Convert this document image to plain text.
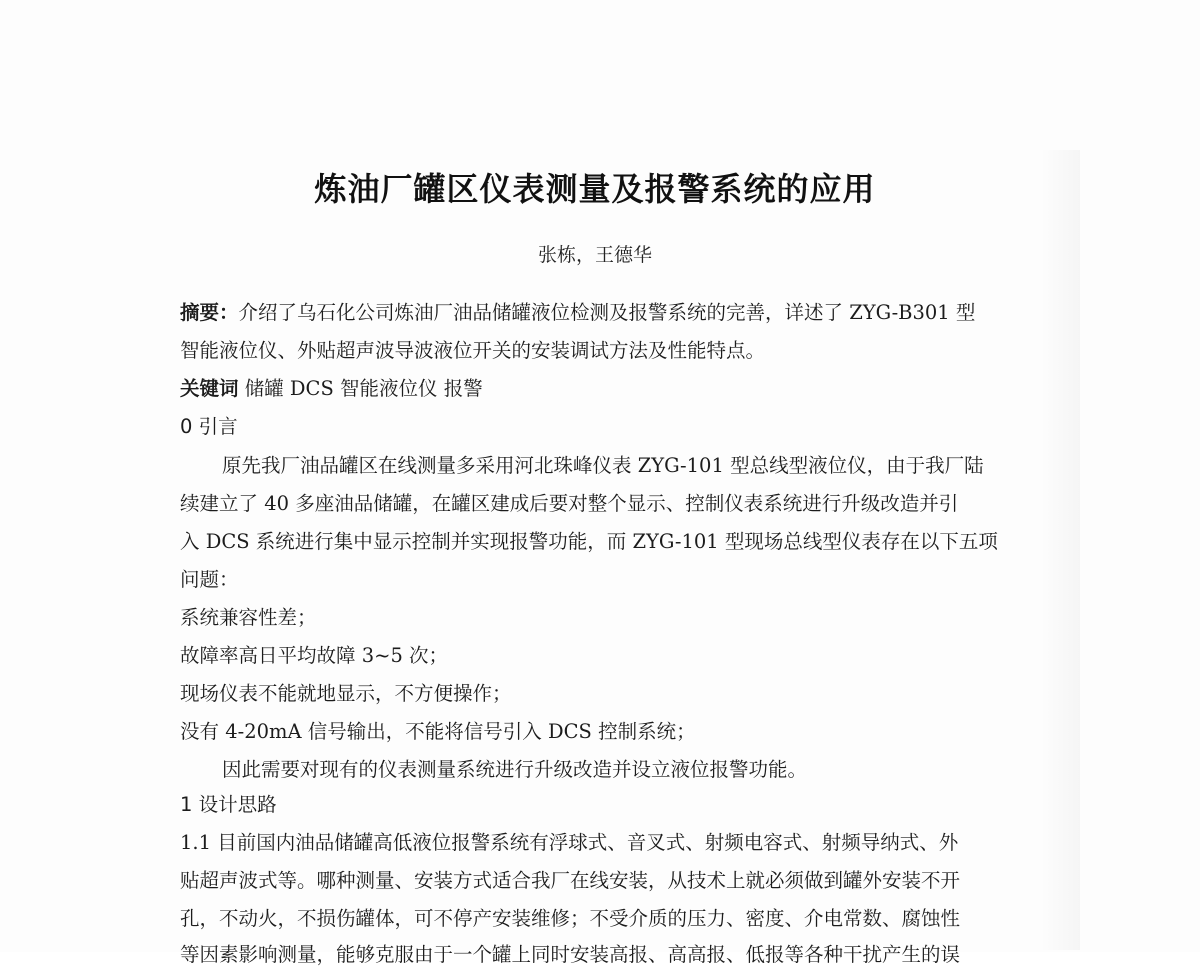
炼油厂罐区仪表测量及报警系统的应用
张栋，王德华
摘要：介绍了乌石化公司炼油厂油品储罐液位检测及报警系统的完善，详述了 ZYG-B301 型
智能液位仪、外贴超声波导波液位开关的安装调试方法及性能特点。
关键词 储罐 DCS 智能液位仪 报警
0 引言
原先我厂油品罐区在线测量多采用河北珠峰仪表 ZYG-101 型总线型液位仪，由于我厂陆
续建立了 40 多座油品储罐，在罐区建成后要对整个显示、控制仪表系统进行升级改造并引
入 DCS 系统进行集中显示控制并实现报警功能，而 ZYG-101 型现场总线型仪表存在以下五项
问题：
系统兼容性差；
故障率高日平均故障 3~5 次；
现场仪表不能就地显示，不方便操作；
没有 4-20mA 信号输出，不能将信号引入 DCS 控制系统；
因此需要对现有的仪表测量系统进行升级改造并设立液位报警功能。
1 设计思路
1.1 目前国内油品储罐高低液位报警系统有浮球式、音叉式、射频电容式、射频导纳式、外
贴超声波式等。哪种测量、安装方式适合我厂在线安装，从技术上就必须做到罐外安装不开
孔，不动火，不损伤罐体，可不停产安装维修；不受介质的压力、密度、介电常数、腐蚀性
等因素影响测量，能够克服由于一个罐上同时安装高报、高高报、低报等各种干扰产生的误
